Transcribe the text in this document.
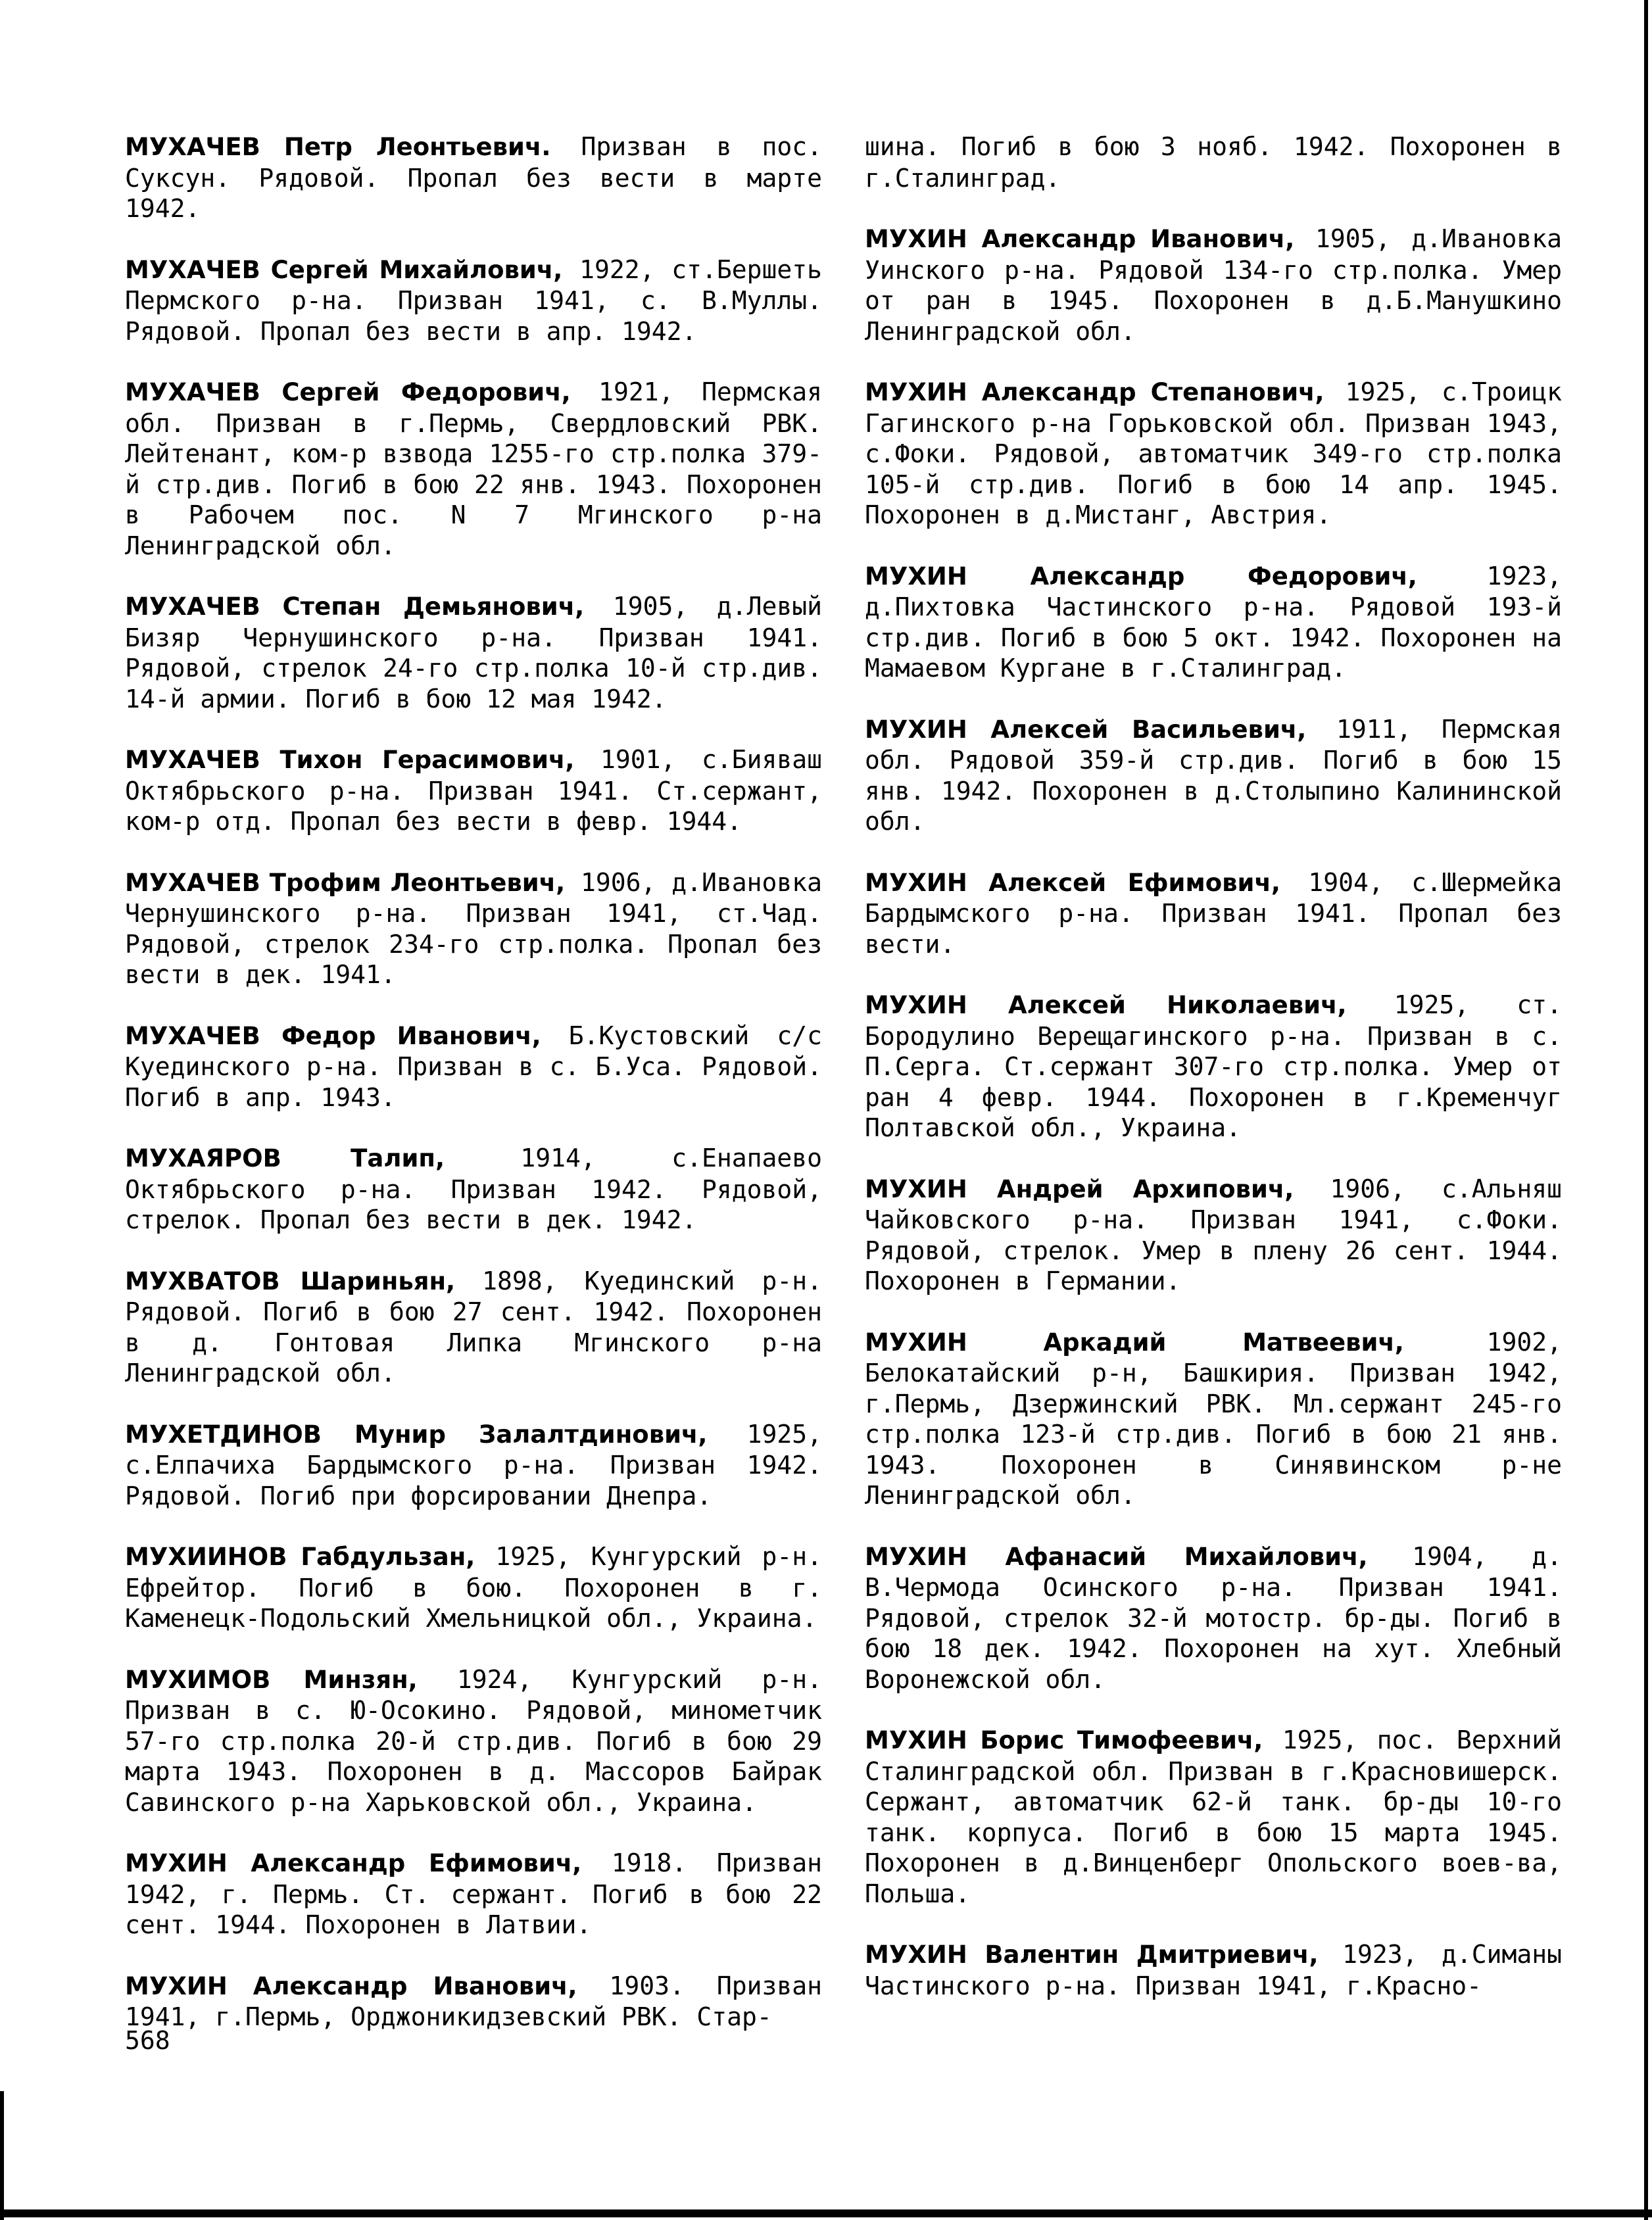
МУХАЧЕВ Петр Леонтьевич. Призван в пос. Суксун. Рядовой. Пропал без вести в марте 1942.

МУХАЧЕВ Сергей Михайлович, 1922, ст.Бершеть Пермского р-на. Призван 1941, с. В.Муллы. Рядовой. Пропал без вести в апр. 1942.

МУХАЧЕВ Сергей Федорович, 1921, Пермская обл. Призван в г.Пермь, Свердловский РВК. Лейтенант, ком-р взвода 1255-го стр.полка 379-й стр.див. Погиб в бою 22 янв. 1943. Похоронен в Рабочем пос. N 7 Мгинского р-на Ленинградской обл.

МУХАЧЕВ Степан Демьянович, 1905, д.Левый Бизяр Чернушинского р-на. Призван 1941. Рядовой, стрелок 24-го стр.полка 10-й стр.див. 14-й армии. Погиб в бою 12 мая 1942.

МУХАЧЕВ Тихон Герасимович, 1901, с.Бияваш Октябрьского р-на. Призван 1941. Ст.сержант, ком-р отд. Пропал без вести в февр. 1944.

МУХАЧЕВ Трофим Леонтьевич, 1906, д.Ивановка Чернушинского р-на. Призван 1941, ст.Чад. Рядовой, стрелок 234-го стр.полка. Пропал без вести в дек. 1941.

МУХАЧЕВ Федор Иванович, Б.Кустовский с/с Куединского р-на. Призван в с. Б.Уса. Рядовой. Погиб в апр. 1943.

МУХАЯРОВ Талип, 1914, с.Енапаево Октябрьского р-на. Призван 1942. Рядовой, стрелок. Пропал без вести в дек. 1942.

МУХВАТОВ Шариньян, 1898, Куединский р-н. Рядовой. Погиб в бою 27 сент. 1942. Похоронен в д. Гонтовая Липка Мгинского р-на Ленинградской обл.

МУХЕТДИНОВ Мунир Залалтдинович, 1925, с.Елпачиха Бардымского р-на. Призван 1942. Рядовой. Погиб при форсировании Днепра.

МУХИИНОВ Габдульзан, 1925, Кунгурский р-н. Ефрейтор. Погиб в бою. Похоронен в г. Каменецк-Подольский Хмельницкой обл., Украина.

МУХИМОВ Минзян, 1924, Кунгурский р-н. Призван в с. Ю-Осокино. Рядовой, минометчик 57-го стр.полка 20-й стр.див. Погиб в бою 29 марта 1943. Похоронен в д. Массоров Байрак Савинского р-на Харьковской обл., Украина.

МУХИН Александр Ефимович, 1918. Призван 1942, г. Пермь. Ст. сержант. Погиб в бою 22 сент. 1944. Похоронен в Латвии.

МУХИН Александр Иванович, 1903. Призван 1941, г.Пермь, Орджоникидзевский РВК. Стар-

шина. Погиб в бою 3 нояб. 1942. Похоронен в г.Сталинград.

МУХИН Александр Иванович, 1905, д.Ивановка Уинского р-на. Рядовой 134-го стр.полка. Умер от ран в 1945. Похоронен в д.Б.Манушкино Ленинградской обл.

МУХИН Александр Степанович, 1925, с.Троицк Гагинского р-на Горьковской обл. Призван 1943, с.Фоки. Рядовой, автоматчик 349-го стр.полка 105-й стр.див. Погиб в бою 14 апр. 1945. Похоронен в д.Мистанг, Австрия.

МУХИН Александр Федорович, 1923, д.Пихтовка Частинского р-на. Рядовой 193-й стр.див. Погиб в бою 5 окт. 1942. Похоронен на Мамаевом Кургане в г.Сталинград.

МУХИН Алексей Васильевич, 1911, Пермская обл. Рядовой 359-й стр.див. Погиб в бою 15 янв. 1942. Похоронен в д.Столыпино Калининской обл.

МУХИН Алексей Ефимович, 1904, с.Шермейка Бардымского р-на. Призван 1941. Пропал без вести.

МУХИН Алексей Николаевич, 1925, ст. Бородулино Верещагинского р-на. Призван в с. П.Серга. Ст.сержант 307-го стр.полка. Умер от ран 4 февр. 1944. Похоронен в г.Кременчуг Полтавской обл., Украина.

МУХИН Андрей Архипович, 1906, с.Альняш Чайковского р-на. Призван 1941, с.Фоки. Рядовой, стрелок. Умер в плену 26 сент. 1944. Похоронен в Германии.

МУХИН Аркадий Матвеевич, 1902, Белокатайский р-н, Башкирия. Призван 1942, г.Пермь, Дзержинский РВК. Мл.сержант 245-го стр.полка 123-й стр.див. Погиб в бою 21 янв. 1943. Похоронен в Синявинском р-не Ленинградской обл.

МУХИН Афанасий Михайлович, 1904, д. В.Чермода Осинского р-на. Призван 1941. Рядовой, стрелок 32-й мотостр. бр-ды. Погиб в бою 18 дек. 1942. Похоронен на хут. Хлебный Воронежской обл.

МУХИН Борис Тимофеевич, 1925, пос. Верхний Сталинградской обл. Призван в г.Красновишерск. Сержант, автоматчик 62-й танк. бр-ды 10-го танк. корпуса. Погиб в бою 15 марта 1945. Похоронен в д.Винценберг Опольского воев-ва, Польша.

МУХИН Валентин Дмитриевич, 1923, д.Симаны Частинского р-на. Призван 1941, г.Красно-

568
